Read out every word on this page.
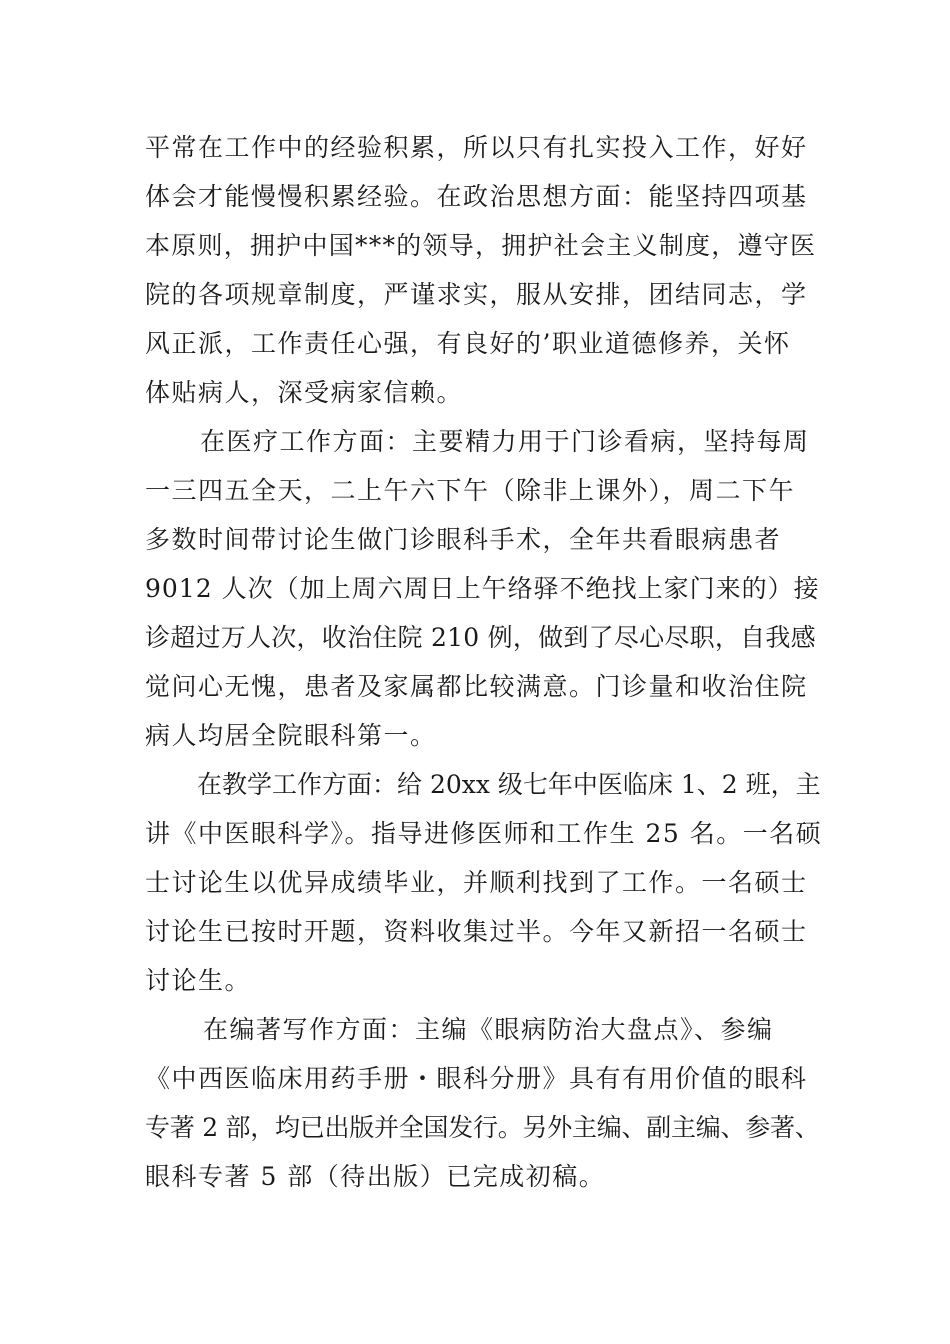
平常在工作中的经验积累，所以只有扎实投入工作，好好

体会才能慢慢积累经验。在政治思想方面：能坚持四项基

本原则，拥护中国***的领导，拥护社会主义制度，遵守医

院的各项规章制度，严谨求实，服从安排，团结同志，学

风正派，工作责任心强，有良好的’职业道德修养，关怀

体贴病人，深受病家信赖。

在医疗工作方面：主要精力用于门诊看病，坚持每周

一三四五全天，二上午六下午（除非上课外），周二下午

多数时间带讨论生做门诊眼科手术，全年共看眼病患者

9012 人次（加上周六周日上午络驿不绝找上家门来的）接

诊超过万人次，收治住院 210 例，做到了尽心尽职，自我感

觉问心无愧，患者及家属都比较满意。门诊量和收治住院

病人均居全院眼科第一。

在教学工作方面：给 20xx 级七年中医临床 1、2 班，主

讲《中医眼科学》。指导进修医师和工作生 25 名。一名硕

士讨论生以优异成绩毕业，并顺利找到了工作。一名硕士

讨论生已按时开题，资料收集过半。今年又新招一名硕士

讨论生。

在编著写作方面：主编《眼病防治大盘点》、参编

《中西医临床用药手册・眼科分册》具有有用价值的眼科

专著 2 部，均已出版并全国发行。另外主编、副主编、参著、

眼科专著 5 部（待出版）已完成初稿。
